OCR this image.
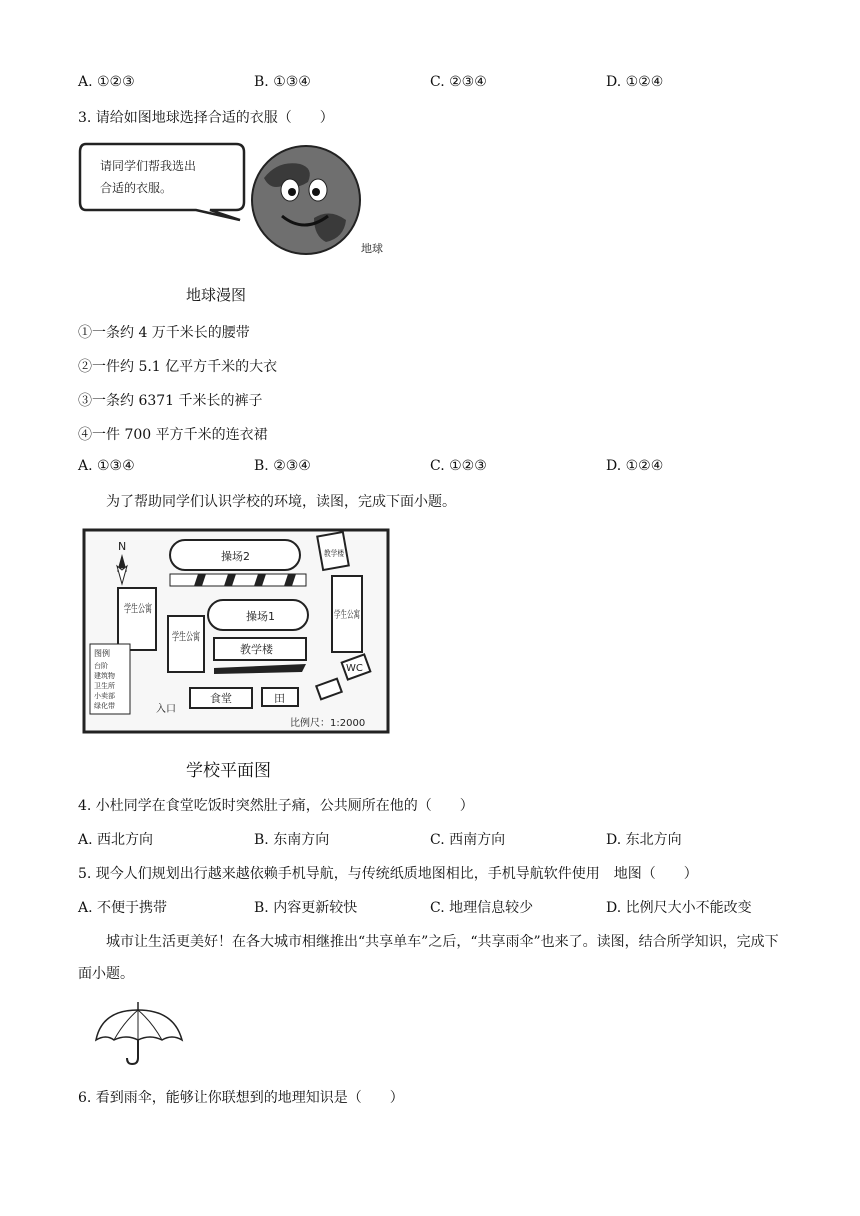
A. ①②③	B. ①③④	C. ②③④	D. ①②④
3. 请给如图地球选择合适的衣服（　　）
请同学们帮我选出
合适的衣服。
地球
地球漫图
①一条约 4 万千米长的腰带
②一件约 5.1 亿平方千米的大衣
③一条约 6371 千米长的裤子
④一件 700 平方千米的连衣裙
A. ①③④	B. ②③④	C. ①②③	D. ①②④
为了帮助同学们认识学校的环境，读图，完成下面小题。
N
操场2
操场1
教学楼
学生公寓
学生公寓
教学楼
学生公寓
WC
图例
台阶
建筑物
卫生所
小卖部
绿化带
食堂	田
入口
比例尺：1:2000
学校平面图
4. 小杜同学在食堂吃饭时突然肚子痛，公共厕所在他的（　　）
A. 西北方向	B. 东南方向	C. 西南方向	D. 东北方向
5. 现今人们规划出行越来越依赖手机导航，与传统纸质地图相比，手机导航软件使用　地图（　　）
A. 不便于携带	B. 内容更新较快	C. 地理信息较少	D. 比例尺大小不能改变
城市让生活更美好！在各大城市相继推出“共享单车”之后，“共享雨伞”也来了。读图，结合所学知识，完成下面小题。
6. 看到雨伞，能够让你联想到的地理知识是（　　）
